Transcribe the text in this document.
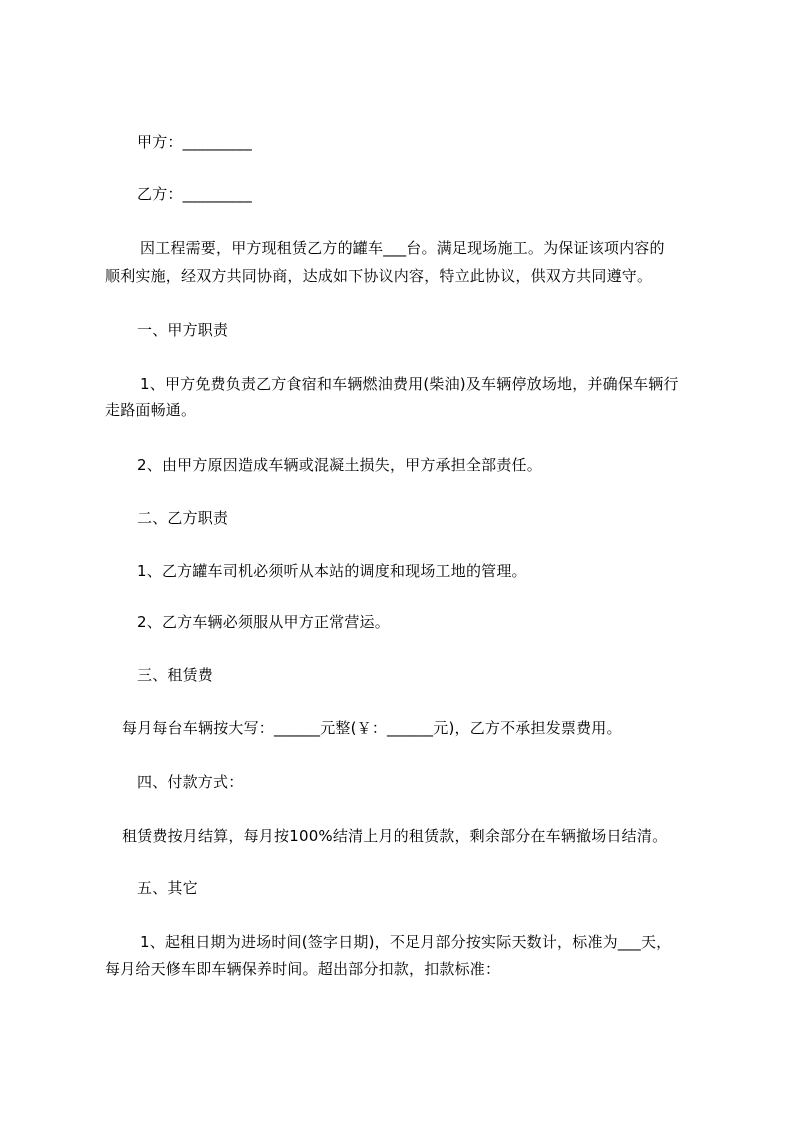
甲方：_________
乙方：_________
因工程需要，甲方现租赁乙方的罐车___台。满足现场施工。为保证该项内容的
顺利实施，经双方共同协商，达成如下协议内容，特立此协议，供双方共同遵守。
一、甲方职责
1、甲方免费负责乙方食宿和车辆燃油费用(柴油)及车辆停放场地，并确保车辆行
走路面畅通。
2、由甲方原因造成车辆或混凝土损失，甲方承担全部责任。
二、乙方职责
1、乙方罐车司机必须听从本站的调度和现场工地的管理。
2、乙方车辆必须服从甲方正常营运。
三、租赁费
每月每台车辆按大写：______元整(￥：______元)，乙方不承担发票费用。
四、付款方式：
租赁费按月结算，每月按100%结清上月的租赁款，剩余部分在车辆撤场日结清。
五、其它
1、起租日期为进场时间(签字日期)，不足月部分按实际天数计，标准为___天，
每月给天修车即车辆保养时间。超出部分扣款，扣款标准：
